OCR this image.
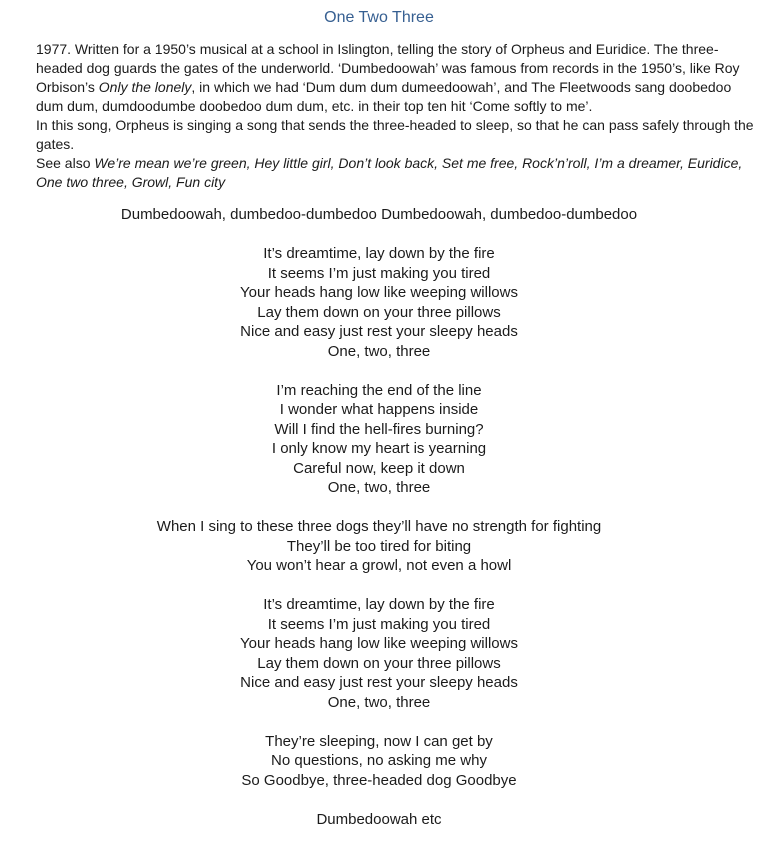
One Two Three
1977. Written for a 1950’s musical at a school in Islington, telling the story of Orpheus and Euridice. The three-
headed dog guards the gates of the underworld. ‘Dumbedoowah’ was famous from records in the 1950’s, like Roy
Orbison’s Only the lonely, in which we had ‘Dum dum dum dumeedoowah’, and The Fleetwoods sang doobedoo
dum dum, dumdoodumbe doobedoo dum dum, etc. in their top ten hit ‘Come softly to me’.
In this song, Orpheus is singing a song that sends the three-headed to sleep, so that he can pass safely through the
gates.
See also We’re mean we’re green, Hey little girl, Don’t look back, Set me free, Rock’n’roll, I’m a dreamer, Euridice,
One two three, Growl, Fun city
Dumbedoowah, dumbedoo-dumbedoo Dumbedoowah, dumbedoo-dumbedoo
It’s dreamtime, lay down by the fire
It seems I’m just making you tired
Your heads hang low like weeping willows
Lay them down on your three pillows
Nice and easy just rest your sleepy heads
One, two, three
I’m reaching the end of the line
I wonder what happens inside
Will I find the hell-fires burning?
I only know my heart is yearning
Careful now, keep it down
One, two, three
When I sing to these three dogs they’ll have no strength for fighting
They’ll be too tired for biting
You won’t hear a growl, not even a howl
It’s dreamtime, lay down by the fire
It seems I’m just making you tired
Your heads hang low like weeping willows
Lay them down on your three pillows
Nice and easy just rest your sleepy heads
One, two, three
They’re sleeping, now I can get by
No questions, no asking me why
So Goodbye, three-headed dog Goodbye
Dumbedoowah etc
